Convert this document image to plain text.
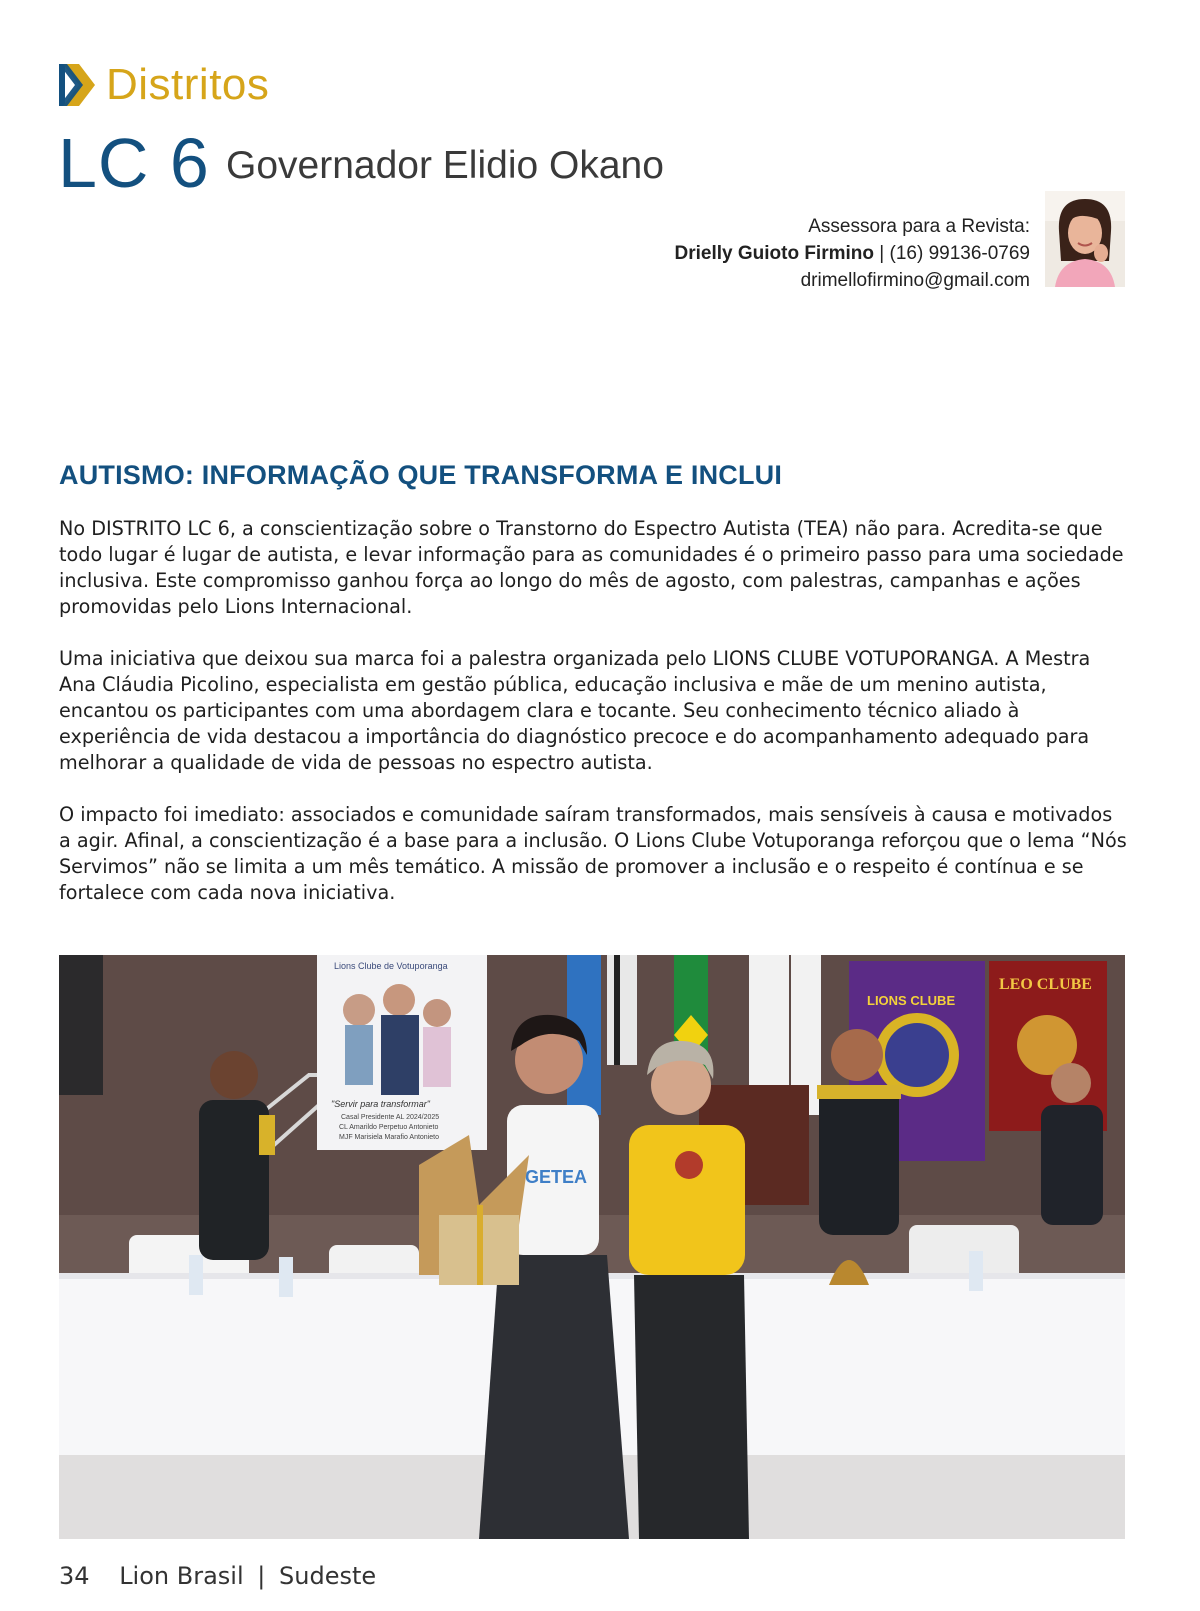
Distritos
LC 6 Governador Elidio Okano
Assessora para a Revista:
Drielly Guioto Firmino | (16) 99136-0769
drimellofirmino@gmail.com
AUTISMO: INFORMAÇÃO QUE TRANSFORMA E INCLUI

No DISTRITO LC 6, a conscientização sobre o Transtorno do Espectro Autista (TEA) não para. Acredita-se que todo lugar é lugar de autista, e levar informação para as comunidades é o primeiro passo para uma sociedade inclusiva. Este compromisso ganhou força ao longo do mês de agosto, com palestras, campanhas e ações promovidas pelo Lions Internacional.

Uma iniciativa que deixou sua marca foi a palestra organizada pelo LIONS CLUBE VOTUPORANGA. A Mestra Ana Cláudia Picolino, especialista em gestão pública, educação inclusiva e mãe de um menino autista, encantou os participantes com uma abordagem clara e tocante. Seu conhecimento técnico aliado à experiência de vida destacou a importância do diagnóstico precoce e do acompanhamento adequado para melhorar a qualidade de vida de pessoas no espectro autista.

O impacto foi imediato: associados e comunidade saíram transformados, mais sensíveis à causa e motivados a agir. Afinal, a conscientização é a base para a inclusão. O Lions Clube Votuporanga reforçou que o lema “Nós Servimos” não se limita a um mês temático. A missão de promover a inclusão e o respeito é contínua e se fortalece com cada nova iniciativa.

Lions Clube de Votuporanga
"Servir para transformar"
Casal Presidente AL 2024/2025
CL Amarildo Perpetuo Antonieto
MJF Marisiela Marafio Antonieto
LIONS CLUBE
LEO CLUBE
GETEA
34 Lion Brasil | Sudeste
